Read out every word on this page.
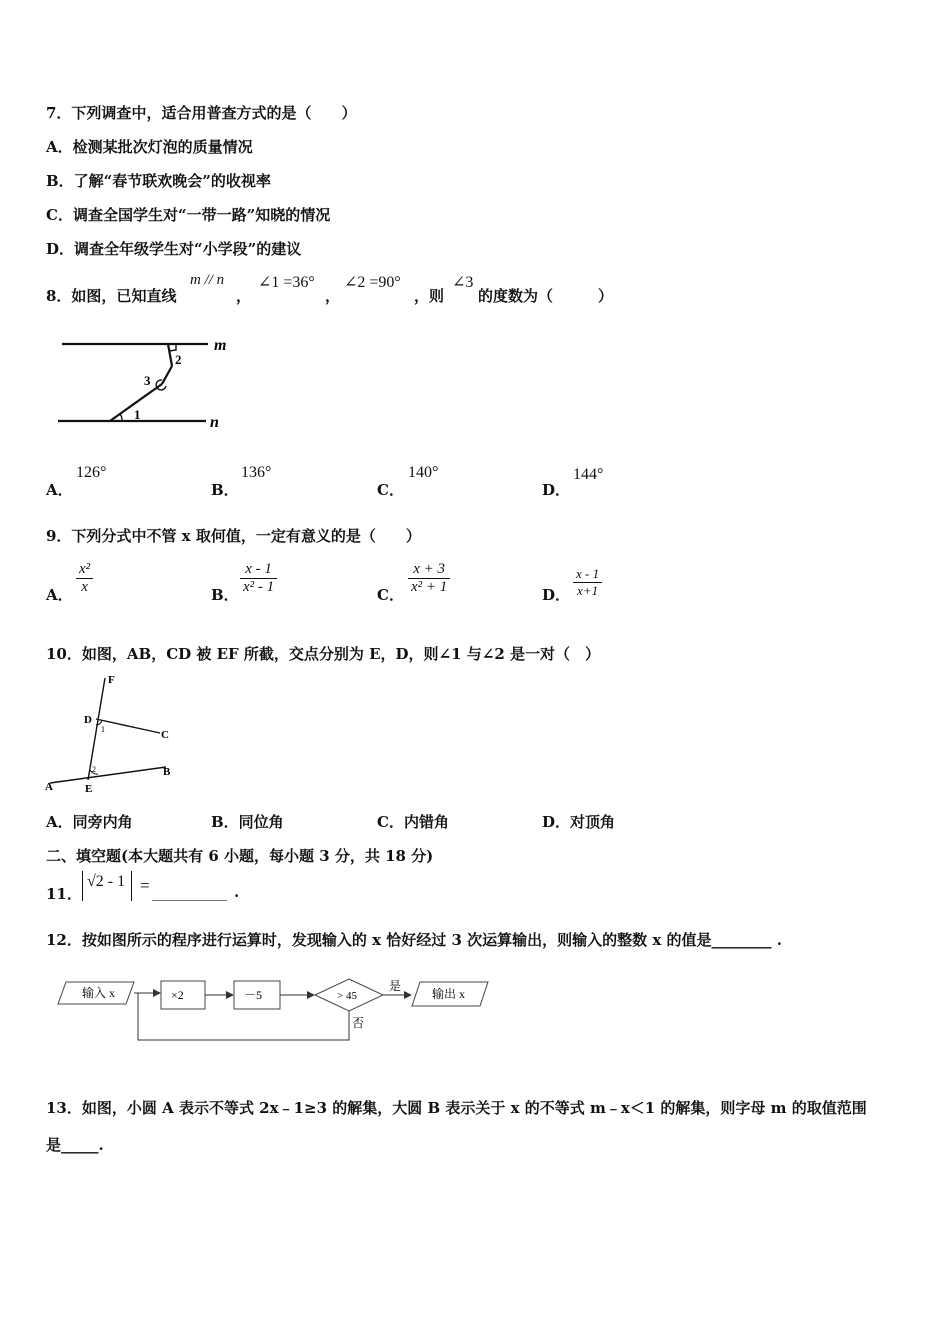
7．下列调查中，适合用普查方式的是（　　）
A．检测某批次灯泡的质量情况
B．了解“春节联欢晚会”的收视率
C．调查全国学生对“一带一路”知晓的情况
D．调查全年级学生对“小学段”的建议
8．如图，已知直线
m // n
，
∠1 =36°
，
∠2 =90°
，则
∠3
的度数为（　　　）
m
n
2
3
1
A．
126°
B．
136°
C．
140°
D．
144°
9．下列分式中不管 x 取何值，一定有意义的是（　　）
A． $\frac{\text{x²}}{x}$	B． $\frac{x - 1}{\text{x² - 1}}$	C． $\frac{x + 3}{\text{x² + 1}}$	D． $\frac{x - 1}{x+1}$
10．如图，AB，CD 被 EF 所截，交点分别为 E，D，则∠1 与∠2 是一对（　）
F
D
C
A	E
B
1
2
A．同旁内角	B．同位角	C．内错角	D．对顶角
二、填空题(本大题共有 6 小题，每小题 3 分，共 18 分)
11．
√2 - 1 = __________ .
12．按如图所示的程序进行运算时，发现输入的 x 恰好经过 3 次运算输出，则输入的整数 x 的值是________ .
输入 x	×2	－5	> 45
是
输出 x
否
13．如图，小圆 A 表示不等式 2x﹣1≥3 的解集，大圆 B 表示关于 x 的不等式 m﹣x＜1 的解集，则字母 m 的取值范围
是_____.
